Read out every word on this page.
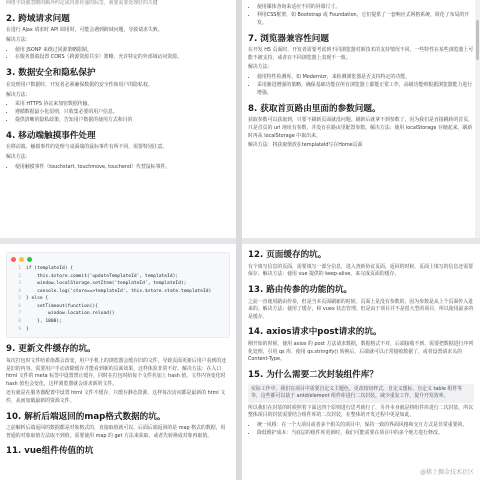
网络字段被忽略的额外约定或内部传递的标签，就要需要处理好的关键

2. 跨域请求问题

在进行 Ajax 请求时 API 调用时，可能会遇到跨域问题，导致请求失败。

解决方法：

• 使用 JSONP 来绕过同源策略限制。
• 在服务器端设置 CORS（跨源资源共享）策略，允许特定的外部域访问资源。
3. 数据安全和隐私保护

在处理用户数据时，开发者必须确保数据的安全性和用户的隐私权。

解决方法：

• 采用 HTTPS 协议来加密数据传输。
• 遵循数据最小化原则，只收集必要的用户信息。
• 提供清晰的隐私政策，告知用户数据的使用方式和目的
4. 移动端触摸事件处理

在移动端，触摸事件的处理与桌面端的鼠标事件有所不同，需要特别注意。

解决方法：

• 使用触摸事件（touchstart, touchmove, touchend）代替鼠标事件。
• 使用媒体查询来适应不同的屏幕尺寸。
• 利用CSS框架，如 Bootstrap 或 Foundation，它们提供了一套响应式网格系统，简化了布局的开发。
7. 浏览器兼容性问题

在开发 H5 页面时，开发者需要考虑到不同浏览器对新技术的支持情况不同。一些特性在某些浏览器上可能不被支持，或者在不同浏览器上表现不一致。

解决方法：

• 使用特性检测库，如 Modernizr，来检测浏览器是否支持特定的功能。
• 采用渐进增强的策略，确保基础功能在所有浏览器上都能正常工作，高级功能则根据浏览器能力进行增强。
8. 获取首页路由里面的参数问题。

获取参数可以获取到，只要不刷新页面就没问题。刷新后就拿不到参数了，因为我们是直接跳转的首页，只是首页的 url 地址有参数，并没有在路由里配置参数。解决方法：使用 localStorage 存储起来，刷新时再从 localStorage 中取出来。

解决方法：将获取值放在templateId写在Home页面

1 if (templateId) {
2 this.$store.commit('updateTemplateId', templateId);
3 window.localStorage.setItem('templateId', templateId);
4 console.log('store==>templateId', this.$store.state.templateId)
5 } else {
6 setTimeout(function(){
7 window.location.reload()
8 }, 1000);
9 }
9. 更新文件缓存的坑。

每次打包时文件哈希值都会改变，用户手机上的浏览器会缓存旧的文件，导致页面更新后用户看到的还是旧的内容。需要用户手动清除缓存才能看到新的页面效果，这样体验非常不好。解决方法：在入口 html 文件的 meta 标签中设置禁止缓存，同时在打包时给每个文件名加上 hash 值，文件内容变化时 hash 值也会变化，这样浏览器就会请求新的文件。

还有就是在服务器配置中设置 html 文件不缓存，只缓存静态资源，这样每次访问都是最新的 html 文件，从而加载最新的资源文件。

10. 解析后端返回的map格式数据的坑。

之前解析后端返回的数据都是对象格式的，直接取值就可以，后面后端返回的是 map 格式的数据，用普通的对象取值方法取不到值。需要使用 map 的 get 方法来获取，或者先转换成对象再取值。

11. vue组件传值的坑
12. 页面缓存的坑。

有个填写信息的页面，需要填写一部分信息，进入查新协议页面，返回的时候，页面上填写的信息还需要保存。解决方法：使用 vue 提供的 keep-alive，来完成页面的缓存。

13. 路由传参的功能的坑。

之前一直使用路由传参，但是当本页面刷新的时候，页面上是没有参数的，因为参数是从上个页面传入进来的。解决方法：使用了缓存，和 vuex 状态管理。但是由于项目并不是很大型的项目，所以使用最多的是缓存。

14. axios请求中post请求的坑。

刚开始的时候，使用 axios 的 post 方法请求数据，数据格式不对，后端接收不到，需要把数据进行序列化处理，引用 qs 库，使用 qs.stringify() 转换后，后端就可以正常接收数据了，或者设置请求头的 Content-Type。

15. 为什么需要二次封装组件库？

实际工作中，我们在项目中需要自定义主题色，更改按钮样式，自定义图标，自定义 table 组件等等，这些都可以基于 antd/element 组件库进行二次封装，减少重复工作，提升开发效率。

所以我们在封装的时候照着下面这四个原则进行思考就行了，另外本身就是将组件库进行二次封装，所以整体项目的封装需要结合组件库的二次封装，在整体的开发过程中更是如此。

• 统一风格：在一个大项目或者多个相关的项目中，保持一致的界面风格和交互方式是非常重要的。
• 降低维护成本：当底层的组件库更新时，我们可能需要在项目中的多个地方进行修改。
@稀土掘金技术社区
